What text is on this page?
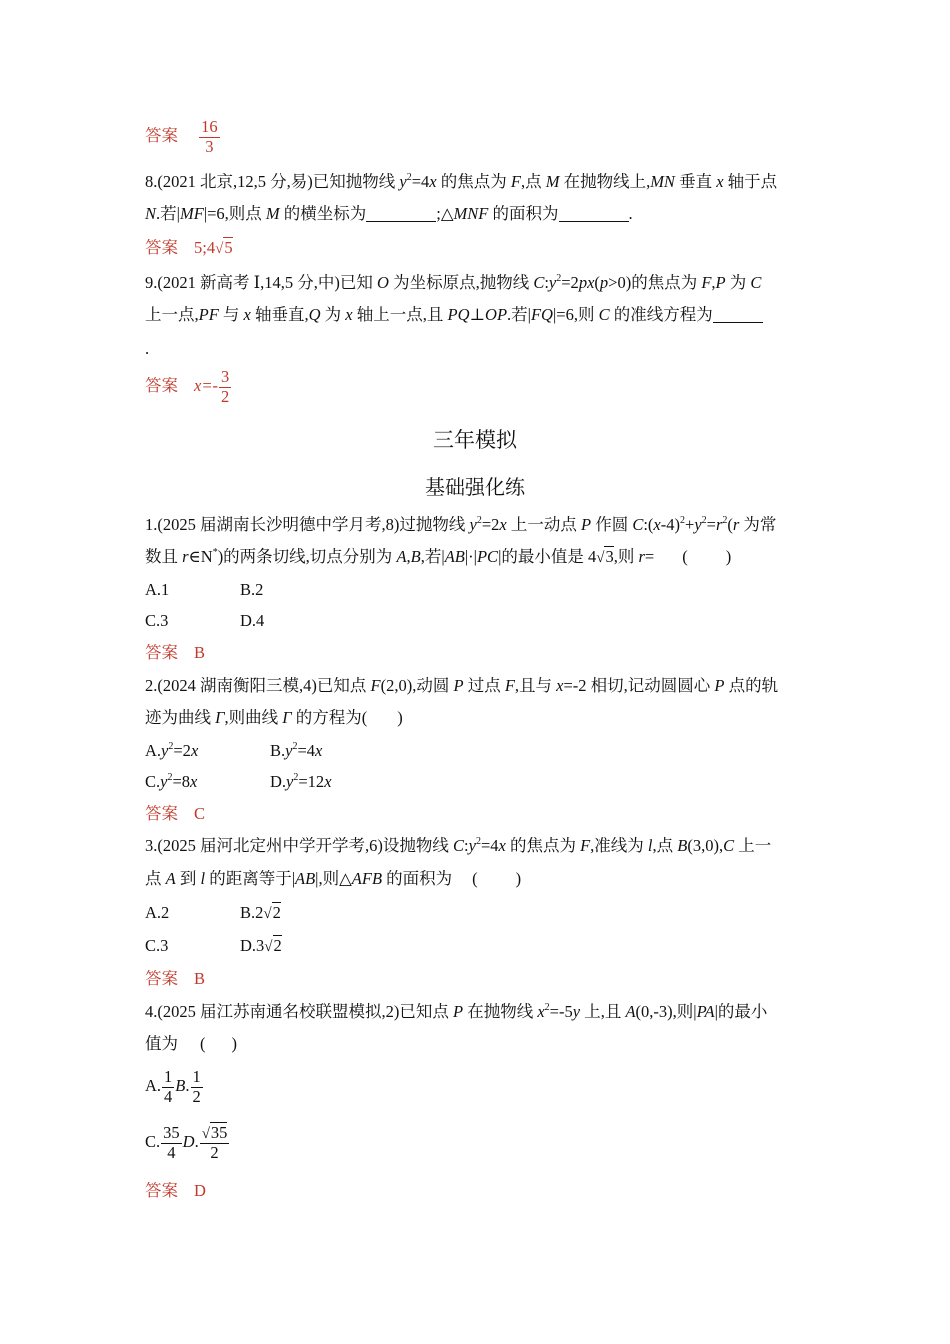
答案 $\frac{16}{3}$
8.(2021 北京,12,5 分,易)已知抛物线 $y^2=4x$ 的焦点为 F,点 M 在抛物线上,MN 垂直 x 轴于点
N.若|MF|=6,则点 M 的横坐标为	;△MNF 的面积为	.
答案 5;4√5
9.(2021 新高考 Ⅰ,14,5 分,中)已知 O 为坐标原点,抛物线 $C:y^2=2px(p>0)$的焦点为 F,P 为 C
上一点,PF 与 x 轴垂直,Q 为 x 轴上一点,且 PQ⊥OP.若|FQ|=6,则 C 的准线方程为
.
答案 $x=- \frac{3}{2}$
三年模拟
基础强化练
1.(2025 届湖南长沙明德中学月考,8)过抛物线 $y^2=2x$ 上一动点 P 作圆 $C:(x-4)^2+y^2=r^2(r$ 为常
数且 r∈N*)的两条切线,切点分别为 A,B,若|AB|·|PC|的最小值是 4√3,则 r= ( )
A.1	B.2
C.3	D.4
答案 B
2.(2024 湖南衡阳三模,4)已知点 F(2,0),动圆 P 过点 F,且与 x=-2 相切,记动圆圆心 P 点的轨
迹为曲线 Γ,则曲线 Γ 的方程为( )
$A.y^2=2x$	$B.y^2=4x$
$C.y^2=8x$	$D.y^2=12x$
答案 C
3.(2025 届河北定州中学开学考,6)设抛物线 $C:y^2=4x$ 的焦点为 F,准线为 l,点 B(3,0),C 上一
点 A 到 l 的距离等于|AB|,则△AFB 的面积为 ( )
A.2	B.2√2
C.3	D.3√2
答案 B
4.(2025 届江苏南通名校联盟模拟,2)已知点 P 在抛物线 $x^2=-5y$ 上,且 A(0,-3),则|PA|的最小
值为 ( )
A. $\frac{1}{4} B$. $\frac{1}{2}$
C. $\frac{35}{4} D$. $\frac{√35}{2}$
答案 D
